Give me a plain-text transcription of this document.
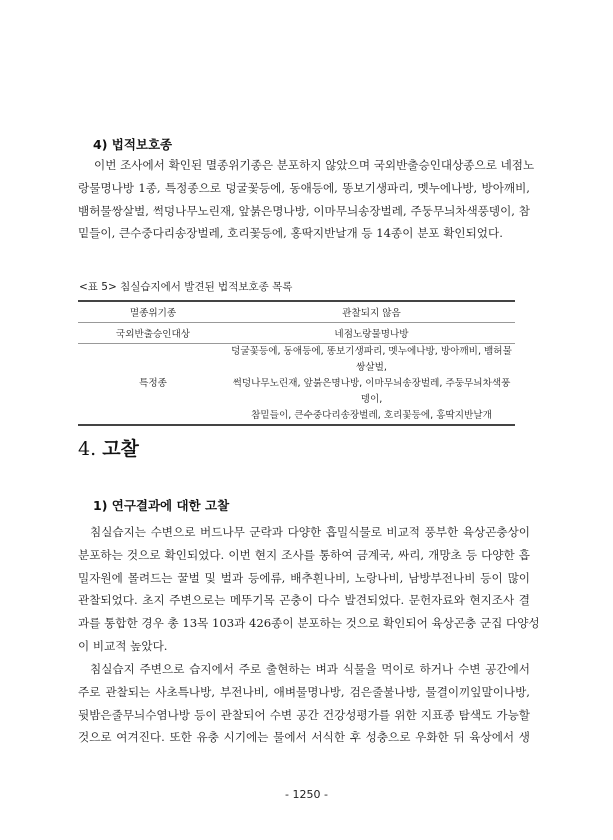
4) 법적보호종
이번 조사에서 확인된 멸종위기종은 분포하지 않았으며 국외반출승인대상종으로 네점노
랑물명나방 1종, 특정종으로 덩굴꽃등에, 동애등에, 똥보기생파리, 멧누에나방, 방아깨비,
뱀허물쌍살벌, 썩덩나무노린재, 앞붉은명나방, 이마무늬송장벌레, 주둥무늬차색풍뎅이, 참
밑들이, 큰수중다리송장벌레, 호리꽃등에, 홍딱지반날개 등 14종이 분포 확인되었다.
<표 5> 침실습지에서 발견된 법적보호종 목록
멸종위기종	관찰되지 않음
국외반출승인대상	네점노랑물명나방
특정종	덩굴꽃등에, 동애등에, 똥보기생파리, 멧누에나방, 방아깨비, 뱀허물쌍살벌,
썩덩나무노린재, 앞붉은명나방, 이마무늬송장벌레, 주둥무늬차색풍뎅이,
참밑들이, 큰수중다리송장벌레, 호리꽃등에, 홍딱지반날개
4. 고찰
1) 연구결과에 대한 고찰
침실습지는 수변으로 버드나무 군락과 다양한 흡밀식물로 비교적 풍부한 육상곤충상이
분포하는 것으로 확인되었다. 이번 현지 조사를 통하여 금계국, 싸리, 개망초 등 다양한 흡
밀자원에 몰려드는 꿀벌 및 벌과 등에류, 배추흰나비, 노랑나비, 남방부전나비 등이 많이
관찰되었다. 초지 주변으로는 메뚜기목 곤충이 다수 발견되었다. 문헌자료와 현지조사 결
과를 통합한 경우 총 13목 103과 426종이 분포하는 것으로 확인되어 육상곤충 군집 다양성
이 비교적 높았다.
침실습지 주변으로 습지에서 주로 출현하는 벼과 식물을 먹이로 하거나 수변 공간에서
주로 관찰되는 사초특나방, 부전나비, 애벼물명나방, 검은줄불나방, 물결이끼잎말이나방,
뒷밤은줄무늬수염나방 등이 관찰되어 수변 공간 건강성평가를 위한 지표종 탐색도 가능할
것으로 여겨진다. 또한 유충 시기에는 물에서 서식한 후 성충으로 우화한 뒤 육상에서 생
- 1250 -
